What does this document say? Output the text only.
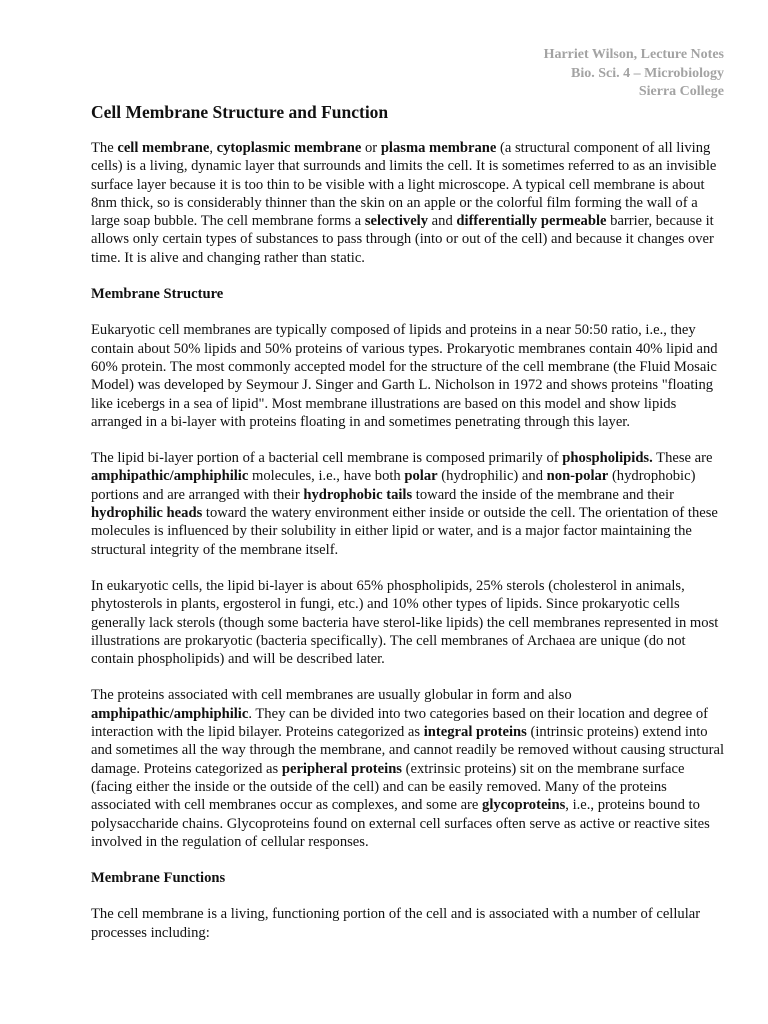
Harriet Wilson, Lecture Notes
Bio. Sci. 4 – Microbiology
Sierra College
Cell Membrane Structure and Function

The cell membrane, cytoplasmic membrane or plasma membrane (a structural component of all living cells) is a living, dynamic layer that surrounds and limits the cell. It is sometimes referred to as an invisible surface layer because it is too thin to be visible with a light microscope. A typical cell membrane is about 8nm thick, so is considerably thinner than the skin on an apple or the colorful film forming the wall of a large soap bubble. The cell membrane forms a selectively and differentially permeable barrier, because it allows only certain types of substances to pass through (into or out of the cell) and because it changes over time. It is alive and changing rather than static.

Membrane Structure

Eukaryotic cell membranes are typically composed of lipids and proteins in a near 50:50 ratio, i.e., they contain about 50% lipids and 50% proteins of various types. Prokaryotic membranes contain 40% lipid and 60% protein. The most commonly accepted model for the structure of the cell membrane (the Fluid Mosaic Model) was developed by Seymour J. Singer and Garth L. Nicholson in 1972 and shows proteins "floating like icebergs in a sea of lipid". Most membrane illustrations are based on this model and show lipids arranged in a bi-layer with proteins floating in and sometimes penetrating through this layer.

The lipid bi-layer portion of a bacterial cell membrane is composed primarily of phospholipids. These are amphipathic/amphiphilic molecules, i.e., have both polar (hydrophilic) and non-polar (hydrophobic) portions and are arranged with their hydrophobic tails toward the inside of the membrane and their hydrophilic heads toward the watery environment either inside or outside the cell. The orientation of these molecules is influenced by their solubility in either lipid or water, and is a major factor maintaining the structural integrity of the membrane itself.

In eukaryotic cells, the lipid bi-layer is about 65% phospholipids, 25% sterols (cholesterol in animals, phytosterols in plants, ergosterol in fungi, etc.) and 10% other types of lipids. Since prokaryotic cells generally lack sterols (though some bacteria have sterol-like lipids) the cell membranes represented in most illustrations are prokaryotic (bacteria specifically). The cell membranes of Archaea are unique (do not contain phospholipids) and will be described later.

The proteins associated with cell membranes are usually globular in form and also amphipathic/amphiphilic. They can be divided into two categories based on their location and degree of interaction with the lipid bilayer. Proteins categorized as integral proteins (intrinsic proteins) extend into and sometimes all the way through the membrane, and cannot readily be removed without causing structural damage. Proteins categorized as peripheral proteins (extrinsic proteins) sit on the membrane surface (facing either the inside or the outside of the cell) and can be easily removed. Many of the proteins associated with cell membranes occur as complexes, and some are glycoproteins, i.e., proteins bound to polysaccharide chains. Glycoproteins found on external cell surfaces often serve as active or reactive sites involved in the regulation of cellular responses.

Membrane Functions

The cell membrane is a living, functioning portion of the cell and is associated with a number of cellular processes including:
